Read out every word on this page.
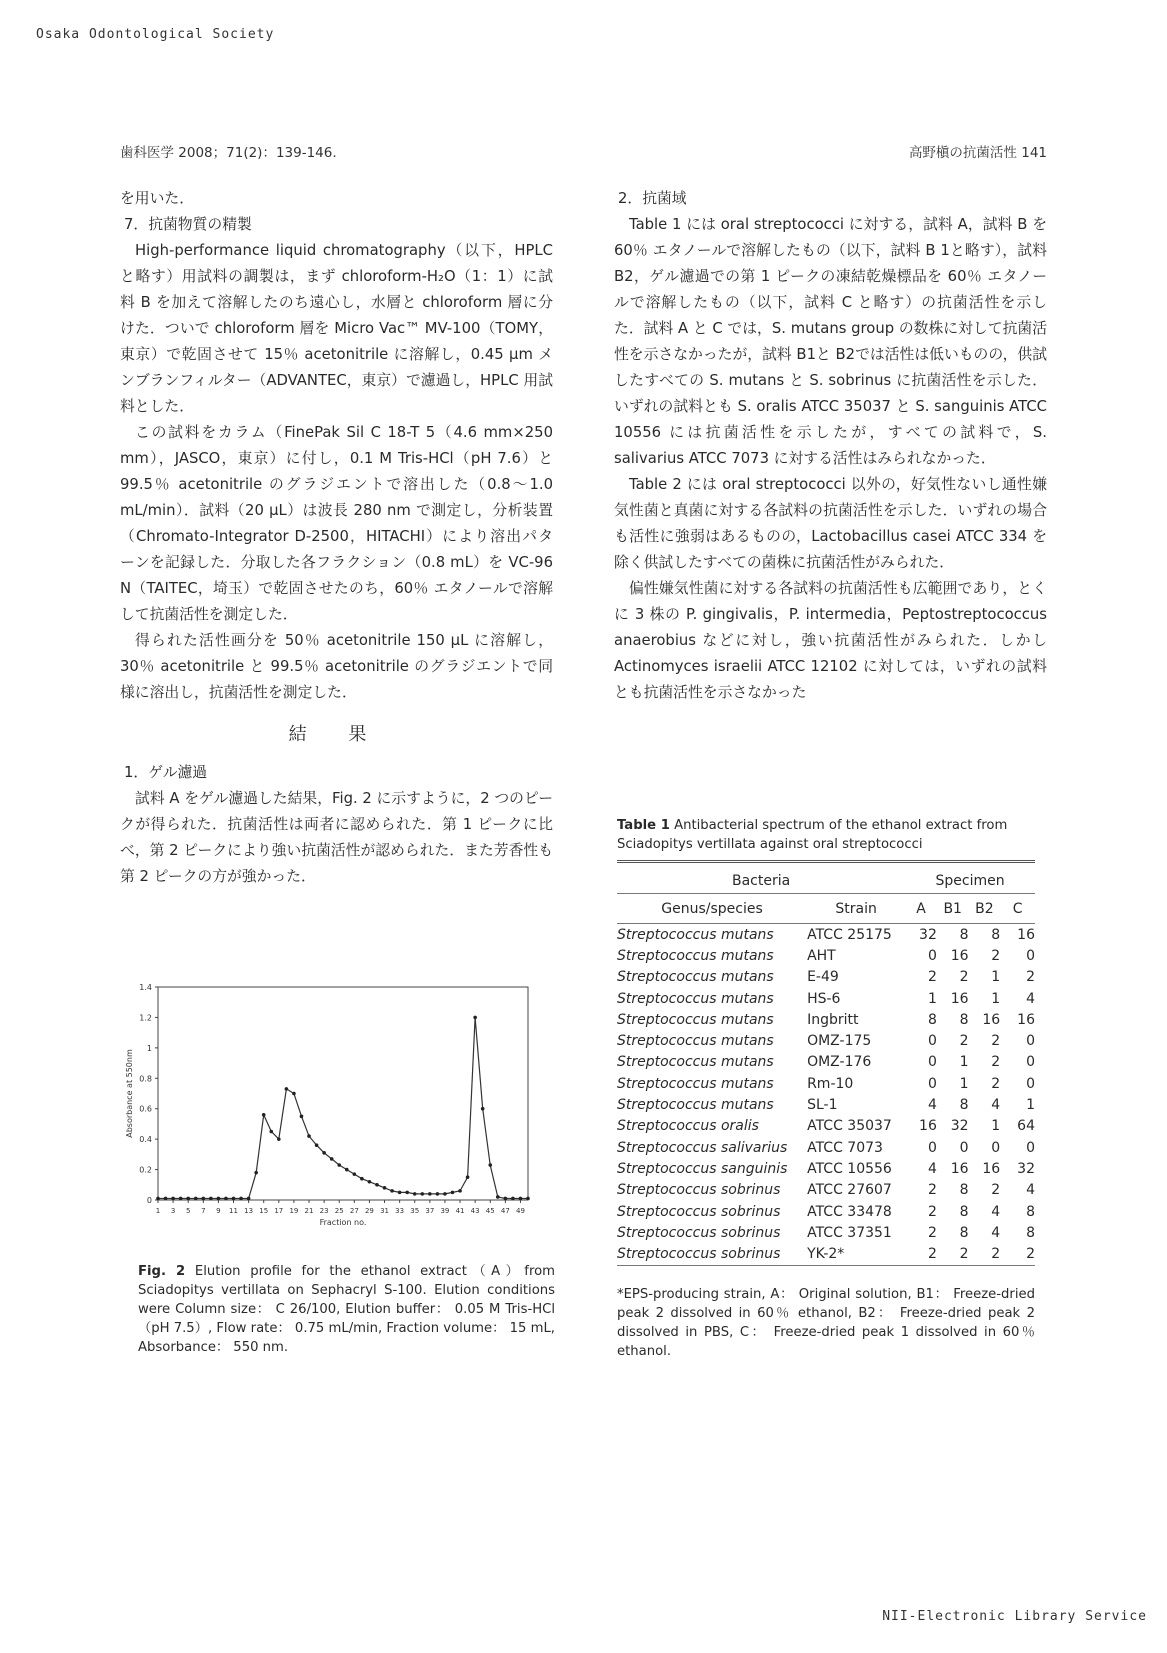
Osaka Odontological Society
歯科医学 2008；71(2)：139-146.	高野槇の抗菌活性 141

を用いた．

7．抗菌物質の精製

High-performance liquid chromatography（以下，HPLC と略す）用試料の調製は，まず chloroform-H₂O（1：1）に試料 B を加えて溶解したのち遠心し，水層と chloroform 層に分けた．ついで chloroform 層を Micro Vac™ MV-100（TOMY，東京）で乾固させて 15％ acetonitrile に溶解し，0.45 μm メンブランフィルター（ADVANTEC，東京）で濾過し，HPLC 用試料とした．

この試料をカラム（FinePak Sil C 18-T 5（4.6 mm×250 mm），JASCO，東京）に付し，0.1 M Tris-HCl（pH 7.6）と 99.5％ acetonitrile のグラジエントで溶出した（0.8〜1.0 mL/min）．試料（20 μL）は波長 280 nm で測定し，分析装置（Chromato-Integrator D-2500，HITACHI）により溶出パターンを記録した．分取した各フラクション（0.8 mL）を VC-96 N（TAITEC，埼玉）で乾固させたのち，60％ エタノールで溶解して抗菌活性を測定した．

得られた活性画分を 50％ acetonitrile 150 μL に溶解し，30％ acetonitrile と 99.5％ acetonitrile のグラジエントで同様に溶出し，抗菌活性を測定した．

結 果

1．ゲル濾過

試料 A をゲル濾過した結果，Fig. 2 に示すように，2 つのピークが得られた．抗菌活性は両者に認められた．第 1 ピークに比べ，第 2 ピークにより強い抗菌活性が認められた．また芳香性も第 2 ピークの方が強かった．

2．抗菌域

Table 1 には oral streptococci に対する，試料 A，試料 B を 60％ エタノールで溶解したもの（以下，試料 B 1と略す），試料 B2，ゲル濾過での第 1 ピークの凍結乾燥標品を 60％ エタノールで溶解したもの（以下，試料 C と略す）の抗菌活性を示した．試料 A と C では，S. mutans group の数株に対して抗菌活性を示さなかったが，試料 B1と B2では活性は低いものの，供試したすべての S. mutans と S. sobrinus に抗菌活性を示した．いずれの試料とも S. oralis ATCC 35037 と S. sanguinis ATCC 10556 には抗菌活性を示したが，すべての試料で，S. salivarius ATCC 7073 に対する活性はみられなかった．

Table 2 には oral streptococci 以外の，好気性ないし通性嫌気性菌と真菌に対する各試料の抗菌活性を示した．いずれの場合も活性に強弱はあるものの，Lactobacillus casei ATCC 334 を除く供試したすべての菌株に抗菌活性がみられた．

偏性嫌気性菌に対する各試料の抗菌活性も広範囲であり，とくに 3 株の P. gingivalis，P. intermedia，Peptostreptococcus anaerobius などに対し，強い抗菌活性がみられた．しかし Actinomyces israelii ATCC 12102 に対しては，いずれの試料とも抗菌活性を示さなかった

0
0.2
0.4
0.6
0.8
1
1.2
1.4
1 3 5 7 9 11 13 15 17 19 21 23 25 27 29 31 33 35 37 39 41 43 45 47 49
Absorbance at 550nm
Fraction no.
Fig. 2 Elution profile for the ethanol extract（A）from Sciadopitys vertillata on Sephacryl S-100. Elution conditions were Column size： C 26/100, Elution buffer： 0.05 M Tris-HCl（pH 7.5）, Flow rate： 0.75 mL/min, Fraction volume： 15 mL, Absorbance： 550 nm.
Table 1 Antibacterial spectrum of the ethanol extract from Sciadopitys vertillata against oral streptococci
Bacteria		Specimen			
Genus/species	Strain	A	B1	B2	C
Streptococcus mutans	ATCC 25175	32	8	8	16
Streptococcus mutans	AHT	0	16	2	0
Streptococcus mutans	E-49	2	2	1	2
Streptococcus mutans	HS-6	1	16	1	4
Streptococcus mutans	Ingbritt	8	8	16	16
Streptococcus mutans	OMZ-175	0	2	2	0
Streptococcus mutans	OMZ-176	0	1	2	0
Streptococcus mutans	Rm-10	0	1	2	0
Streptococcus mutans	SL-1	4	8	4	1
Streptococcus oralis	ATCC 35037	16	32	1	64
Streptococcus salivarius	ATCC 7073	0	0	0	0
Streptococcus sanguinis	ATCC 10556	4	16	16	32
Streptococcus sobrinus	ATCC 27607	2	8	2	4
Streptococcus sobrinus	ATCC 33478	2	8	4	8
Streptococcus sobrinus	ATCC 37351	2	8	4	8
Streptococcus sobrinus	YK-2*	2	2	2	2
*EPS-producing strain, A： Original solution, B1： Freeze-dried peak 2 dissolved in 60％ ethanol, B2： Freeze-dried peak 2 dissolved in PBS, C： Freeze-dried peak 1 dissolved in 60％ ethanol.
NII-Electronic Library Service
